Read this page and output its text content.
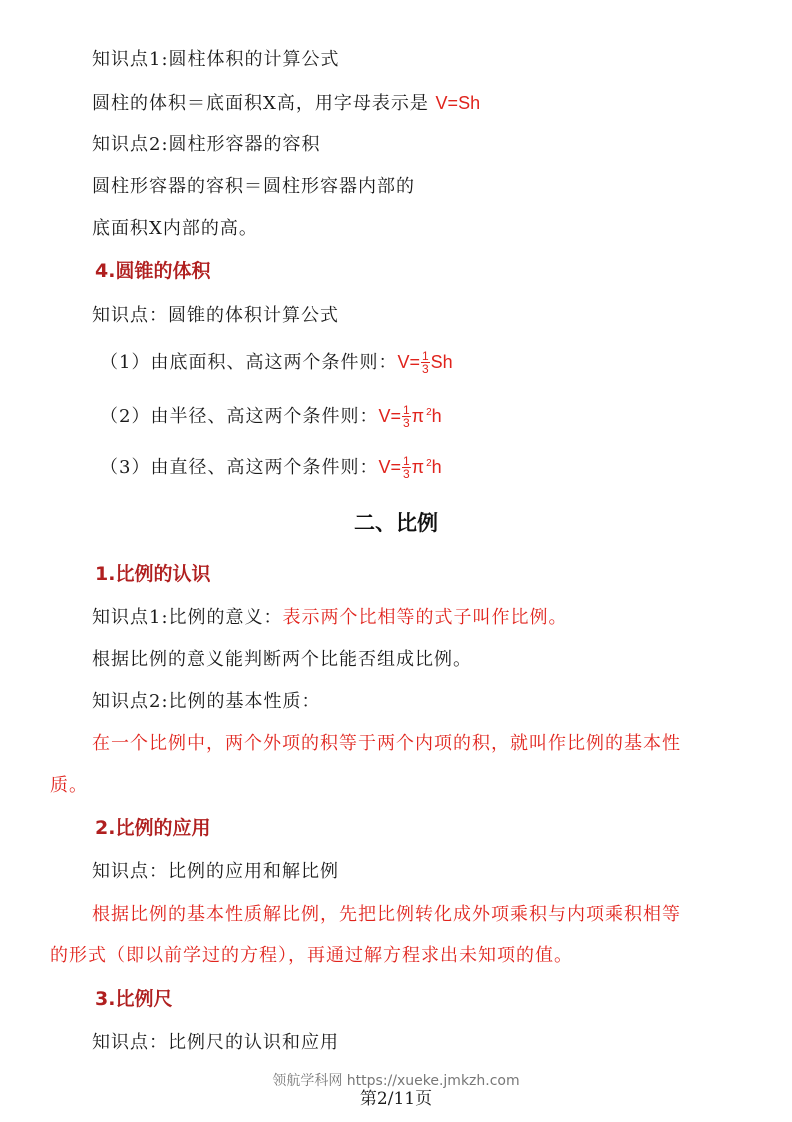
知识点1:圆柱体积的计算公式
圆柱的体积＝底面积Ⅹ高，用字母表示是 V=Sh
知识点2:圆柱形容器的容积
圆柱形容器的容积＝圆柱形容器内部的
底面积Ⅹ内部的高。
4.圆锥的体积
知识点：圆锥的体积计算公式
（1）由底面积、高这两个条件则：$V= \frac{1}{3}$ Sh
（2）由半径、高这两个条件则：$V= \frac{1}{3}$ π $^2$h
（3）由直径、高这两个条件则：$V= \frac{1}{3}$ π $^2$h
二、比例
1.比例的认识
知识点1:比例的意义：表示两个比相等的式子叫作比例。
根据比例的意义能判断两个比能否组成比例。
知识点2:比例的基本性质：
在一个比例中，两个外项的积等于两个内项的积，就叫作比例的基本性
质。
2.比例的应用
知识点：比例的应用和解比例
根据比例的基本性质解比例，先把比例转化成外项乘积与内项乘积相等
的形式（即以前学过的方程），再通过解方程求出未知项的值。
3.比例尺
知识点：比例尺的认识和应用
领航学科网 https://xueke.jmkzh.com
第2/11页
